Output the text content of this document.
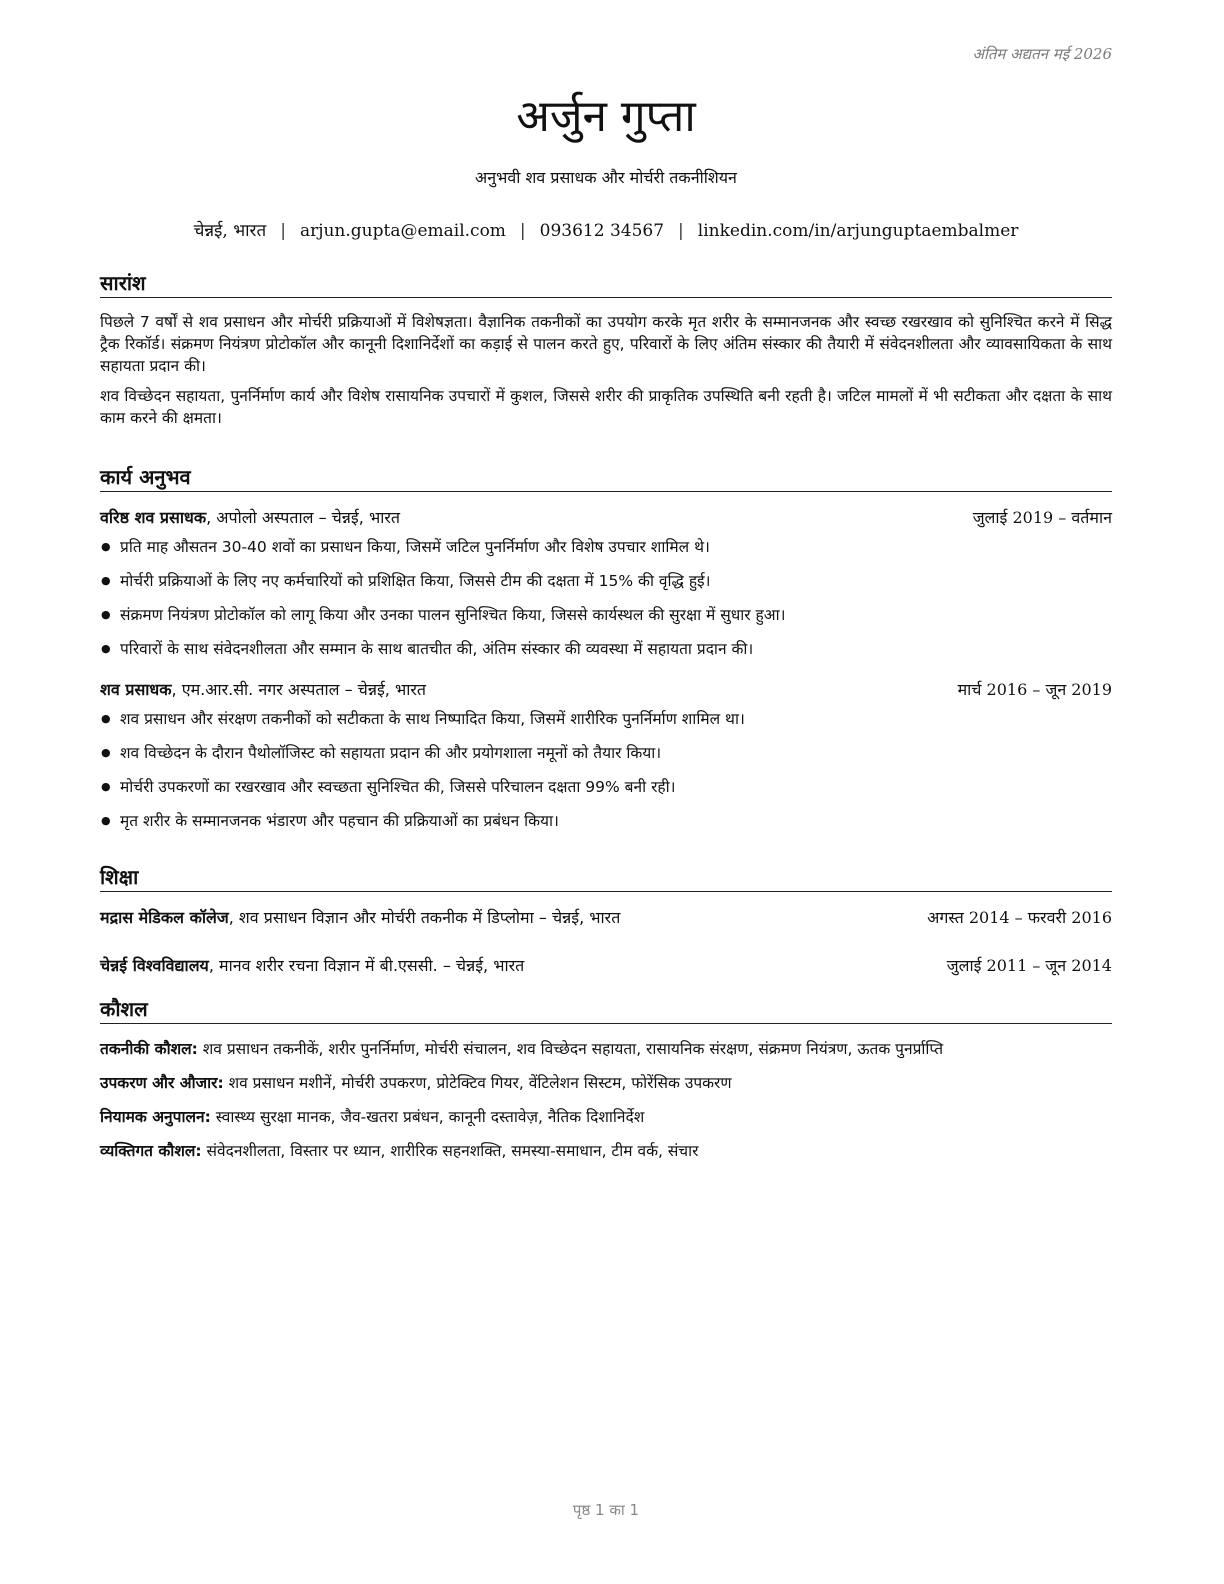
अंतिम अद्यतन मई 2026
अर्जुन गुप्ता
अनुभवी शव प्रसाधक और मोर्चरी तकनीशियन
चेन्नई, भारत | arjun.gupta@email.com | 093612 34567 | linkedin.com/in/arjunguptaembalmer
सारांश

पिछले 7 वर्षों से शव प्रसाधन और मोर्चरी प्रक्रियाओं में विशेषज्ञता। वैज्ञानिक तकनीकों का उपयोग करके मृत शरीर के सम्मानजनक और स्वच्छ रखरखाव को सुनिश्चित करने में सिद्ध ट्रैक रिकॉर्ड। संक्रमण नियंत्रण प्रोटोकॉल और कानूनी दिशानिर्देशों का कड़ाई से पालन करते हुए, परिवारों के लिए अंतिम संस्कार की तैयारी में संवेदनशीलता और व्यावसायिकता के साथ सहायता प्रदान की।

शव विच्छेदन सहायता, पुनर्निर्माण कार्य और विशेष रासायनिक उपचारों में कुशल, जिससे शरीर की प्राकृतिक उपस्थिति बनी रहती है। जटिल मामलों में भी सटीकता और दक्षता के साथ काम करने की क्षमता।

कार्य अनुभव
वरिष्ठ शव प्रसाधक, अपोलो अस्पताल – चेन्नई, भारत	जुलाई 2019 – वर्तमान
● प्रति माह औसतन 30-40 शवों का प्रसाधन किया, जिसमें जटिल पुनर्निर्माण और विशेष उपचार शामिल थे।
● मोर्चरी प्रक्रियाओं के लिए नए कर्मचारियों को प्रशिक्षित किया, जिससे टीम की दक्षता में 15% की वृद्धि हुई।
● संक्रमण नियंत्रण प्रोटोकॉल को लागू किया और उनका पालन सुनिश्चित किया, जिससे कार्यस्थल की सुरक्षा में सुधार हुआ।
● परिवारों के साथ संवेदनशीलता और सम्मान के साथ बातचीत की, अंतिम संस्कार की व्यवस्था में सहायता प्रदान की।
शव प्रसाधक, एम.आर.सी. नगर अस्पताल – चेन्नई, भारत	मार्च 2016 – जून 2019
● शव प्रसाधन और संरक्षण तकनीकों को सटीकता के साथ निष्पादित किया, जिसमें शारीरिक पुनर्निर्माण शामिल था।
● शव विच्छेदन के दौरान पैथोलॉजिस्ट को सहायता प्रदान की और प्रयोगशाला नमूनों को तैयार किया।
● मोर्चरी उपकरणों का रखरखाव और स्वच्छता सुनिश्चित की, जिससे परिचालन दक्षता 99% बनी रही।
● मृत शरीर के सम्मानजनक भंडारण और पहचान की प्रक्रियाओं का प्रबंधन किया।
शिक्षा
मद्रास मेडिकल कॉलेज, शव प्रसाधन विज्ञान और मोर्चरी तकनीक में डिप्लोमा – चेन्नई, भारत	अगस्त 2014 – फरवरी 2016
चेन्नई विश्वविद्यालय, मानव शरीर रचना विज्ञान में बी.एससी. – चेन्नई, भारत	जुलाई 2011 – जून 2014
कौशल

तकनीकी कौशल: शव प्रसाधन तकनीकें, शरीर पुनर्निर्माण, मोर्चरी संचालन, शव विच्छेदन सहायता, रासायनिक संरक्षण, संक्रमण नियंत्रण, ऊतक पुनर्प्राप्ति

उपकरण और औजार: शव प्रसाधन मशीनें, मोर्चरी उपकरण, प्रोटेक्टिव गियर, वेंटिलेशन सिस्टम, फोरेंसिक उपकरण

नियामक अनुपालन: स्वास्थ्य सुरक्षा मानक, जैव-खतरा प्रबंधन, कानूनी दस्तावेज़, नैतिक दिशानिर्देश

व्यक्तिगत कौशल: संवेदनशीलता, विस्तार पर ध्यान, शारीरिक सहनशक्ति, समस्या-समाधान, टीम वर्क, संचार

पृष्ठ 1 का 1
